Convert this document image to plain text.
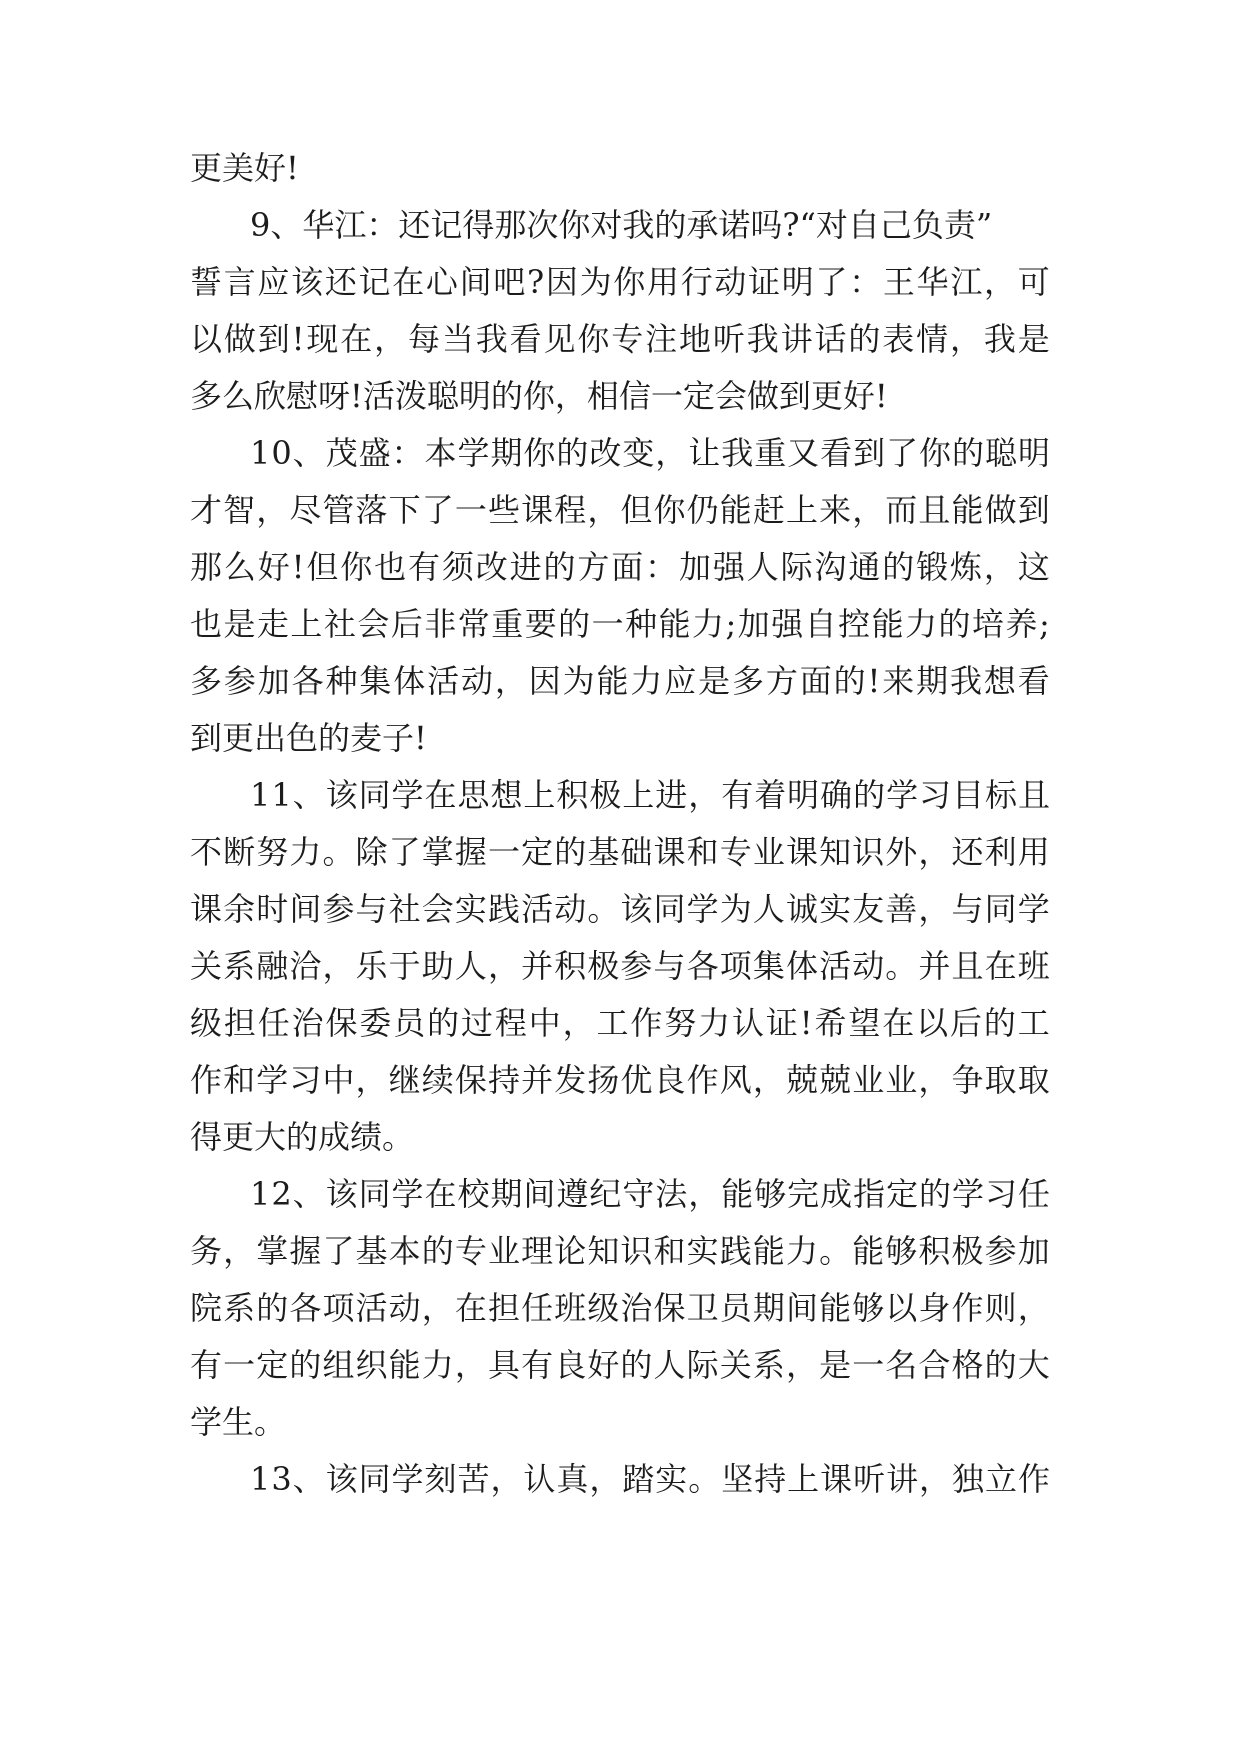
更美好!
9、华江：还记得那次你对我的承诺吗?“对自己负责”
誓 言 应 该 还 记 在 心 间 吧 ? 因 为 你 用 行 动 证 明 了 ： 王 华 江 ， 可
以 做 到 ! 现 在 ， 每 当 我 看 见 你 专 注 地 听 我 讲 话 的 表 情 ， 我 是
多么欣慰呀!活泼聪明的你，相信一定会做到更好!
1 0 、 茂 盛 ： 本 学 期 你 的 改 变 ， 让 我 重 又 看 到 了 你 的 聪 明
才 智 ， 尽 管 落 下 了 一 些 课 程 ， 但 你 仍 能 赶 上 来 ， 而 且 能 做 到
那 么 好 ! 但 你 也 有 须 改 进 的 方 面 ： 加 强 人 际 沟 通 的 锻 炼 ， 这
也 是 走 上 社 会 后 非 常 重 要 的 一 种 能 力 ; 加 强 自 控 能 力 的 培 养 ;
多 参 加 各 种 集 体 活 动 ， 因 为 能 力 应 是 多 方 面 的 ! 来 期 我 想 看
到更出色的麦子!
1 1 、 该 同 学 在 思 想 上 积 极 上 进 ， 有 着 明 确 的 学 习 目 标 且
不 断 努 力 。 除 了 掌 握 一 定 的 基 础 课 和 专 业 课 知 识 外 ， 还 利 用
课 余 时 间 参 与 社 会 实 践 活 动 。 该 同 学 为 人 诚 实 友 善 ， 与 同 学
关 系 融 洽 ， 乐 于 助 人 ， 并 积 极 参 与 各 项 集 体 活 动 。 并 且 在 班
级 担 任 治 保 委 员 的 过 程 中 ， 工 作 努 力 认 证 ! 希 望 在 以 后 的 工
作 和 学 习 中 ， 继 续 保 持 并 发 扬 优 良 作 风 ， 兢 兢 业 业 ， 争 取 取
得更大的成绩。
1 2 、 该 同 学 在 校 期 间 遵 纪 守 法 ， 能 够 完 成 指 定 的 学 习 任
务 ， 掌 握 了 基 本 的 专 业 理 论 知 识 和 实 践 能 力 。 能 够 积 极 参 加
院 系 的 各 项 活 动 ， 在 担 任 班 级 治 保 卫 员 期 间 能 够 以 身 作 则 ，
有 一 定 的 组 织 能 力 ， 具 有 良 好 的 人 际 关 系 ， 是 一 名 合 格 的 大
学生。
1 3 、 该 同 学 刻 苦 ， 认 真 ， 踏 实 。 坚 持 上 课 听 讲 ， 独 立 作
